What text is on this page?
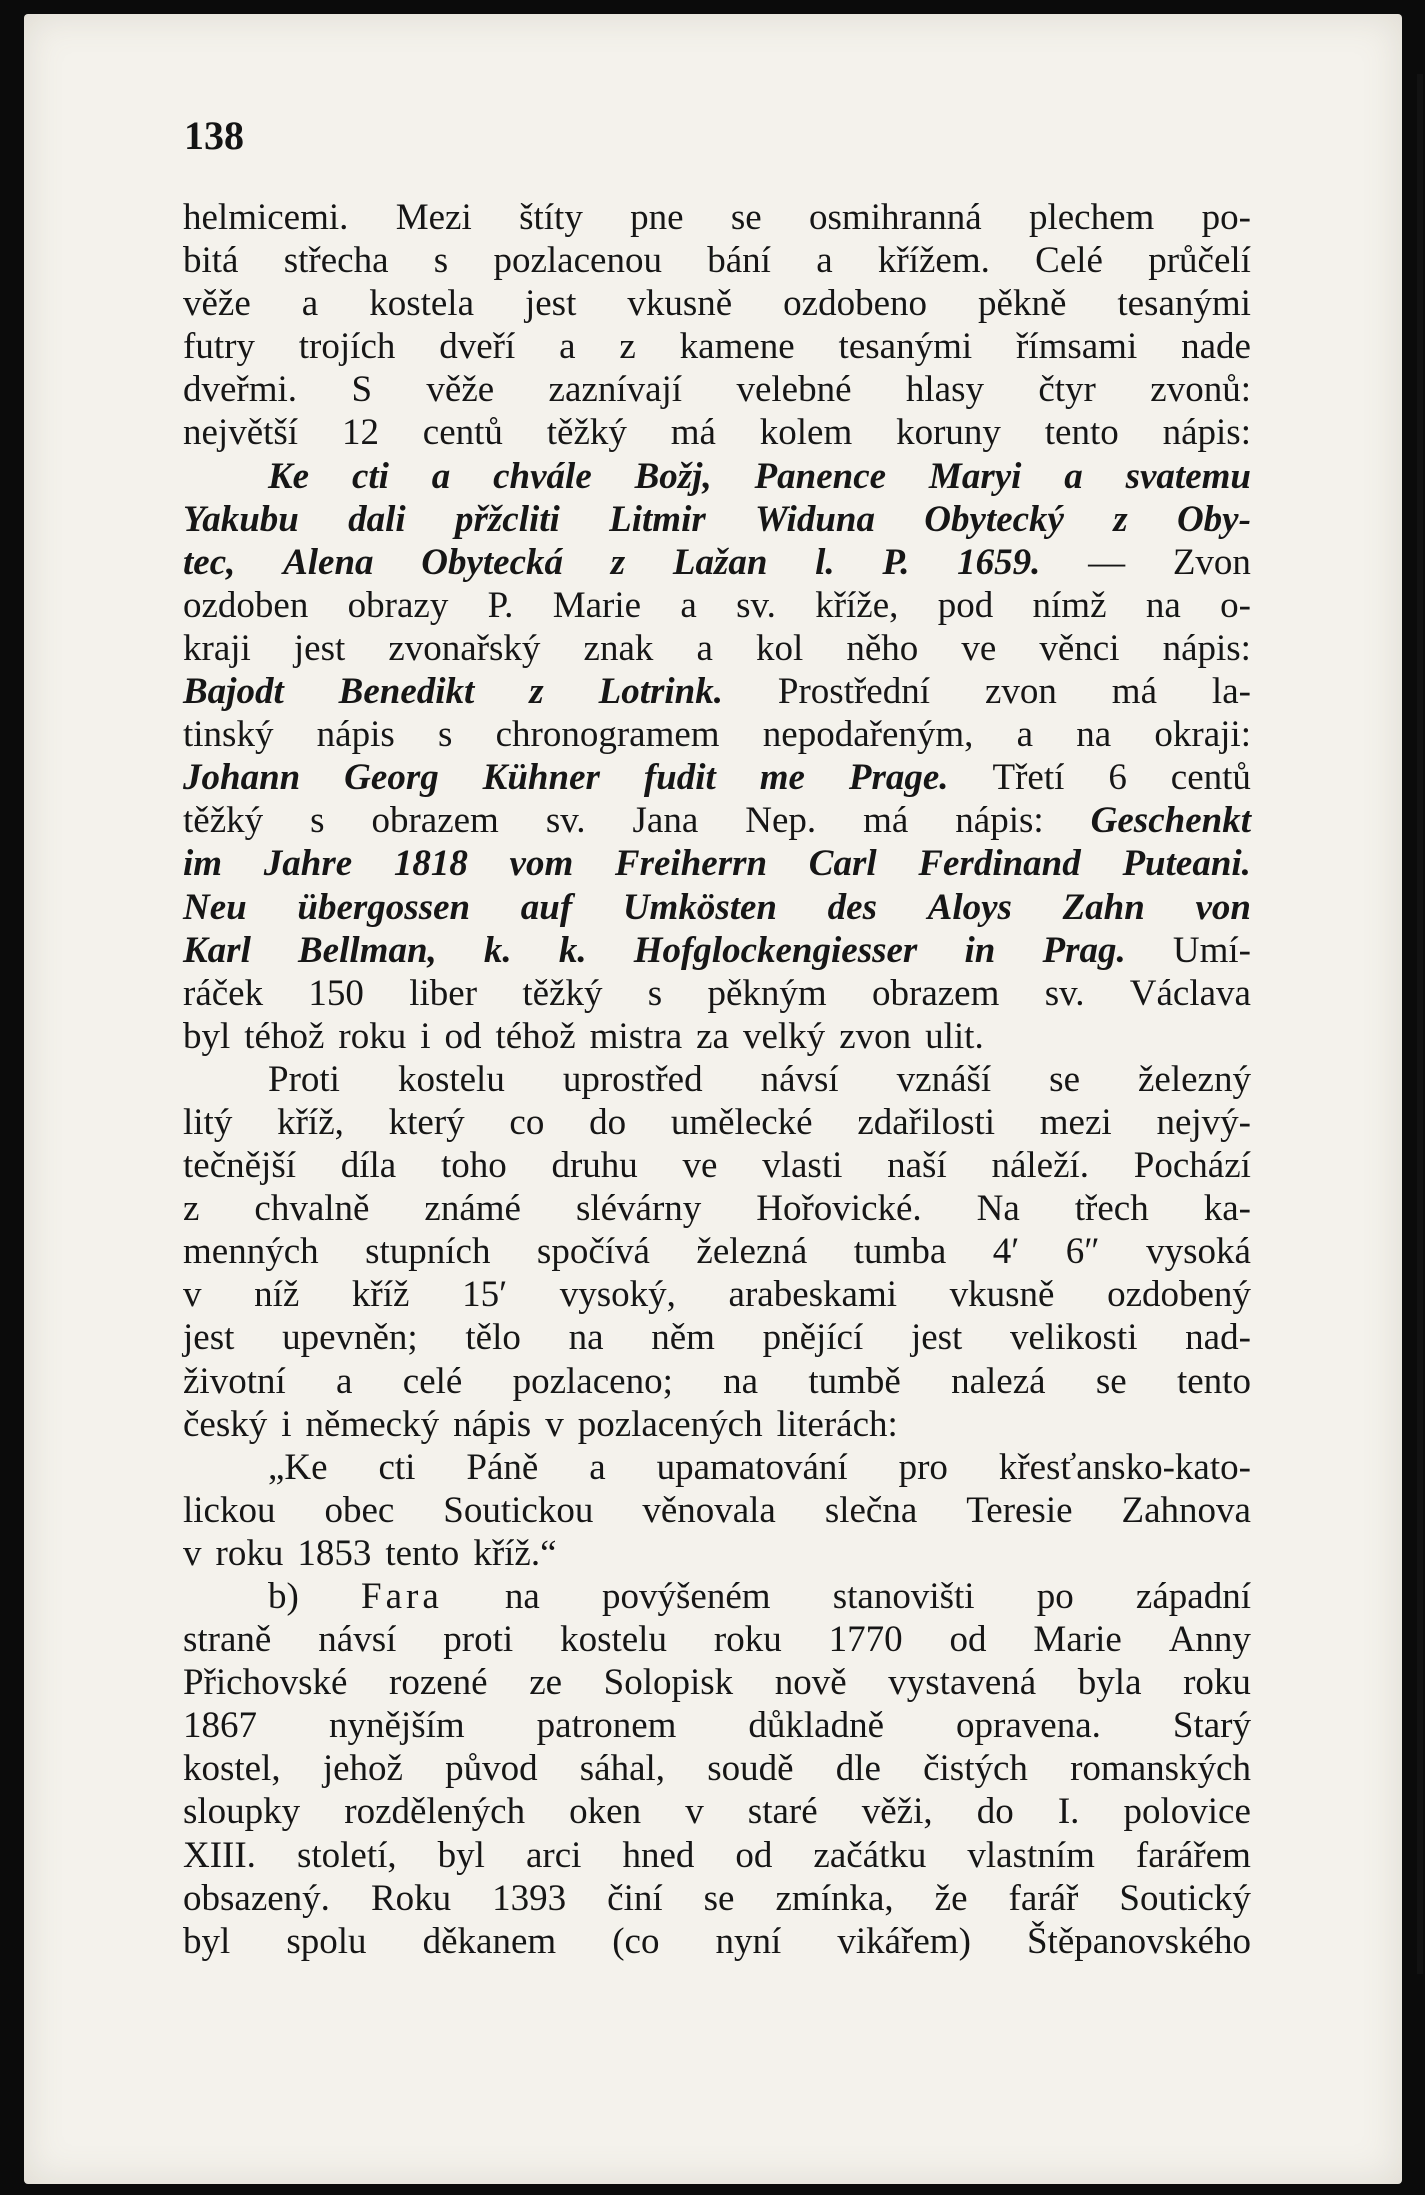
138
helmicemi. Mezi štíty pne se osmihranná plechem po-
bitá střecha s pozlacenou bání a křížem. Celé průčelí
věže a kostela jest vkusně ozdobeno pěkně tesanými
futry trojích dveří a z kamene tesanými římsami nade
dveřmi. S věže zaznívají velebné hlasy čtyr zvonů:
největší 12 centů těžký má kolem koruny tento nápis:
Ke cti a chvále Božj, Panence Maryi a svatemu
Yakubu dali přžcliti Litmir Widuna Obytecký z Oby-
tec, Alena Obytecká z Lažan l. P. 1659. — Zvon
ozdoben obrazy P. Marie a sv. kříže, pod nímž na o-
kraji jest zvonařský znak a kol něho ve věnci nápis:
Bajodt Benedikt z Lotrink. Prostřední zvon má la-
tinský nápis s chronogramem nepodařeným, a na okraji:
Johann Georg Kühner fudit me Prage. Třetí 6 centů
těžký s obrazem sv. Jana Nep. má nápis: Geschenkt
im Jahre 1818 vom Freiherrn Carl Ferdinand Puteani.
Neu übergossen auf Umkösten des Aloys Zahn von
Karl Bellman, k. k. Hofglockengiesser in Prag. Umí-
ráček 150 liber těžký s pěkným obrazem sv. Václava
byl téhož roku i od téhož mistra za velký zvon ulit.
Proti kostelu uprostřed návsí vznáší se železný
litý kříž, který co do umělecké zdařilosti mezi nejvý-
tečnější díla toho druhu ve vlasti naší náleží. Pochází
z chvalně známé slévárny Hořovické. Na třech ka-
menných stupních spočívá železná tumba 4′ 6″ vysoká
v níž kříž 15′ vysoký, arabeskami vkusně ozdobený
jest upevněn; tělo na něm pnějící jest velikosti nad-
životní a celé pozlaceno; na tumbě nalezá se tento
český i německý nápis v pozlacených literách:
„Ke cti Páně a upamatování pro křesťansko-kato-
lickou obec Soutickou věnovala slečna Teresie Zahnova
v roku 1853 tento kříž.“
b) Fara na povýšeném stanovišti po západní
straně návsí proti kostelu roku 1770 od Marie Anny
Přichovské rozené ze Solopisk nově vystavená byla roku
1867 nynějším patronem důkladně opravena. Starý
kostel, jehož původ sáhal, soudě dle čistých romanských
sloupky rozdělených oken v staré věži, do I. polovice
XIII. století, byl arci hned od začátku vlastním farářem
obsazený. Roku 1393 činí se zmínka, že farář Soutický
byl spolu děkanem (co nyní vikářem) Štěpanovského
